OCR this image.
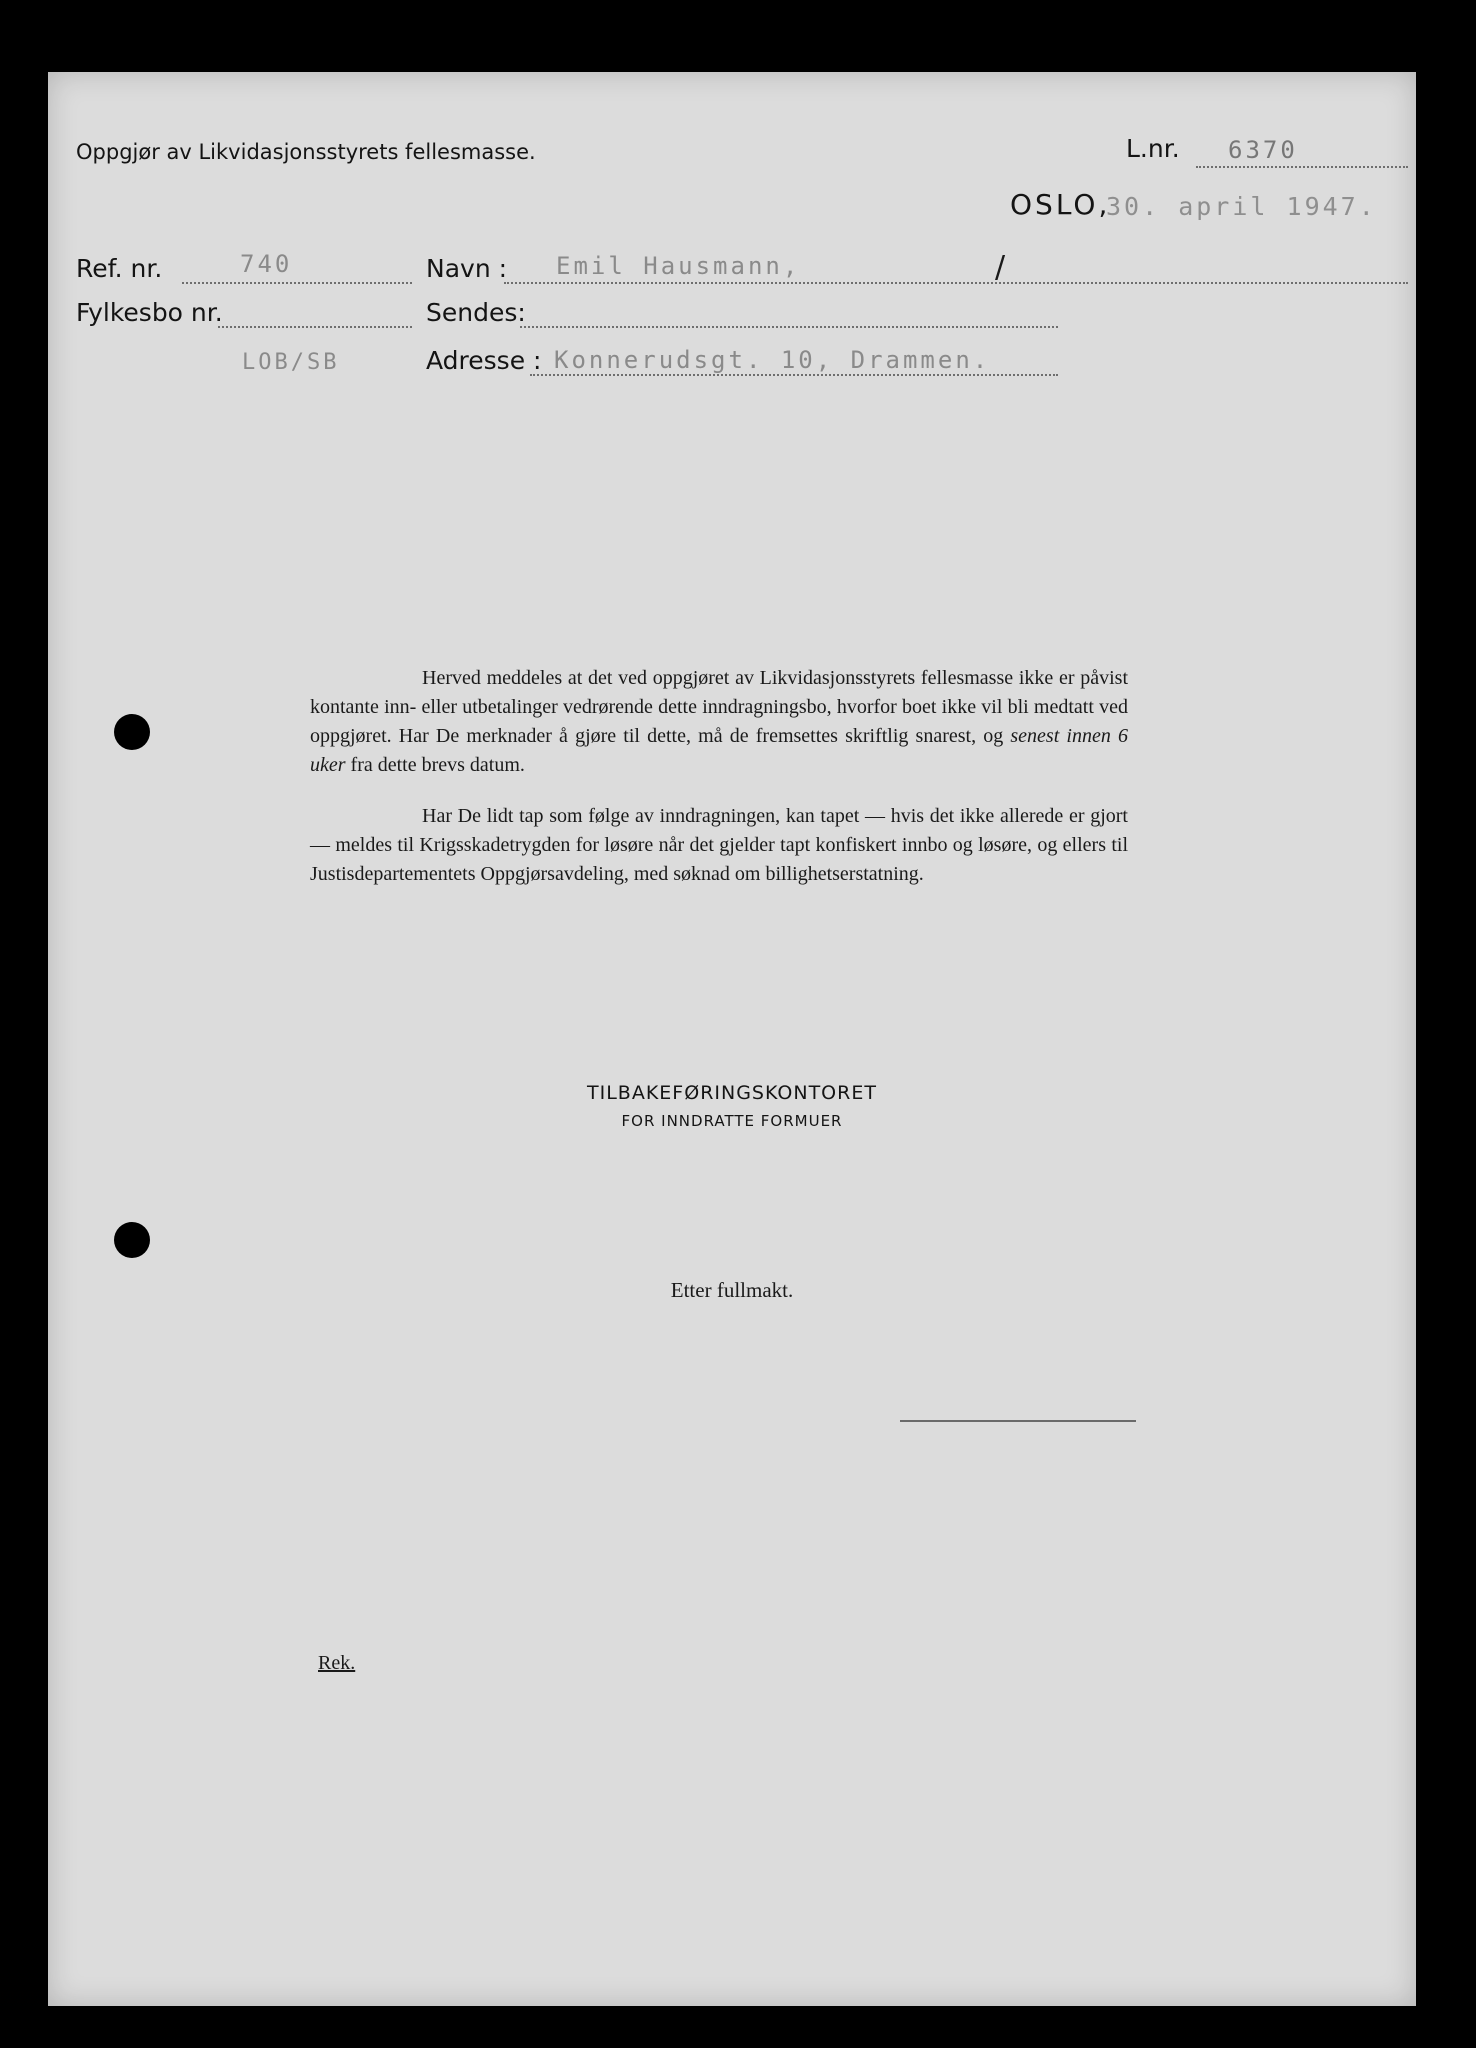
Oppgjør av Likvidasjonsstyrets fellesmasse.	L.nr. 6370
OSLO,
30. april 1947.
Ref. nr.	740
Fylkesbo nr.
LOB/SB
Navn : Emil Hausmann,	/
Sendes:
Adresse : Konnerudsgt. 10, Drammen.

Herved meddeles at det ved oppgjøret av Likvidasjonsstyrets fellesmasse ikke er påvist kontante inn- eller utbetalinger vedrørende dette inndragningsbo, hvorfor boet ikke vil bli medtatt ved oppgjøret. Har De merknader å gjøre til dette, må de fremsettes skriftlig snarest, og senest innen 6 uker fra dette brevs datum.

Har De lidt tap som følge av inndragningen, kan tapet — hvis det ikke allerede er gjort — meldes til Krigsskadetrygden for løsøre når det gjelder tapt konfiskert innbo og løsøre, og ellers til Justisdepartementets Oppgjørsavdeling, med søknad om billighetserstatning.

TILBAKEFØRINGSKONTORET
FOR INNDRATTE FORMUER
Etter fullmakt.
Rek.
